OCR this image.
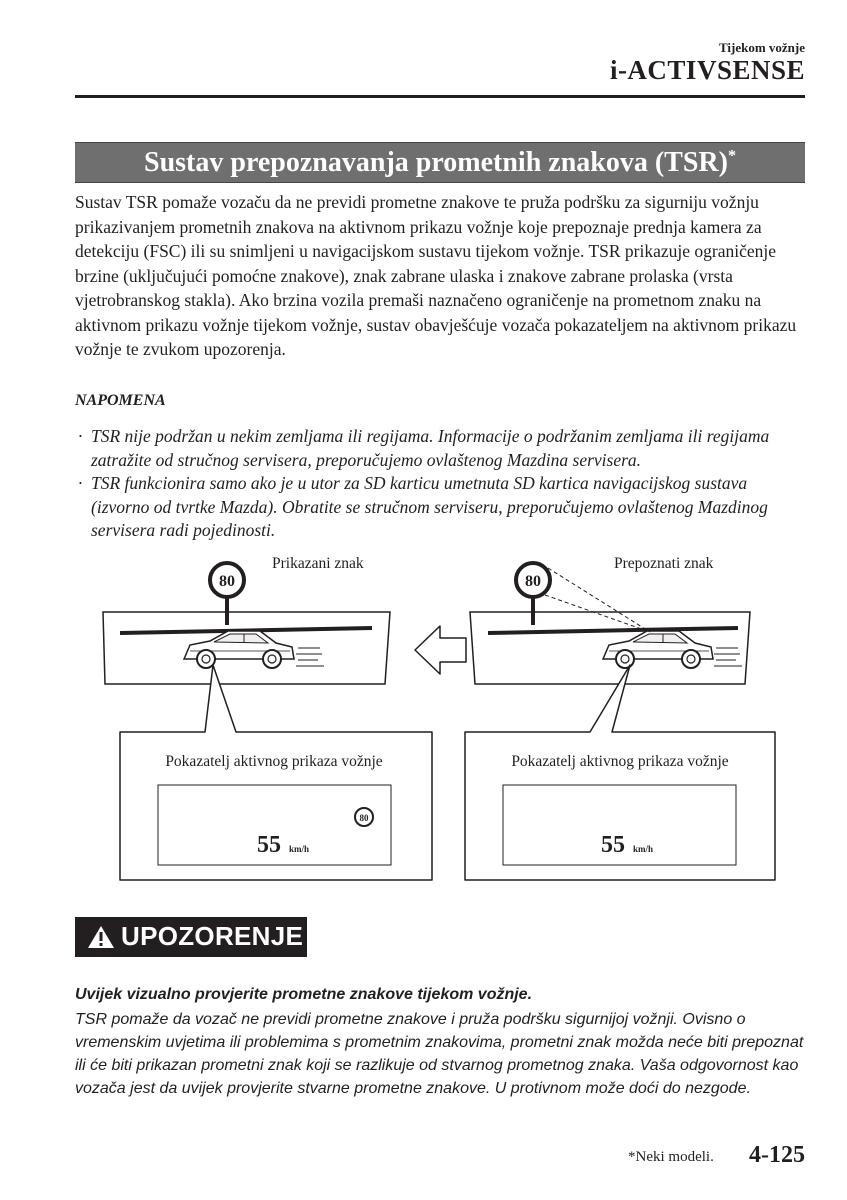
Tijekom vožnje
i-ACTIVSENSE
Sustav prepoznavanja prometnih znakova (TSR)*

Sustav TSR pomaže vozaču da ne previdi prometne znakove te pruža podršku za sigurniju vožnju prikazivanjem prometnih znakova na aktivnom prikazu vožnje koje prepoznaje prednja kamera za detekciju (FSC) ili su snimljeni u navigacijskom sustavu tijekom vožnje. TSR prikazuje ograničenje brzine (uključujući pomoćne znakove), znak zabrane ulaska i znakove zabrane prolaska (vrsta vjetrobranskog stakla). Ako brzina vozila premaši naznačeno ograničenje na prometnom znaku na aktivnom prikazu vožnje tijekom vožnje, sustav obavješćuje vozača pokazateljem na aktivnom prikazu vožnje te zvukom upozorenja.

NAPOMENA
· TSR nije podržan u nekim zemljama ili regijama. Informacije o podržanim zemljama ili regijama zatražite od stručnog servisera, preporučujemo ovlaštenog Mazdina servisera.
· TSR funkcionira samo ako je u utor za SD karticu umetnuta SD kartica navigacijskog sustava (izvorno od tvrtke Mazda). Obratite se stručnom serviseru, preporučujemo ovlaštenog Mazdinog servisera radi pojedinosti.
80
Prikazani znak
Pokazatelj aktivnog prikaza vožnje
80
55 km/h
80
Prepoznati znak
Pokazatelj aktivnog prikaza vožnje
55 km/h
UPOZORENJE
Uvijek vizualno provjerite prometne znakove tijekom vožnje.

TSR pomaže da vozač ne previdi prometne znakove i pruža podršku sigurnijoj vožnji. Ovisno o vremenskim uvjetima ili problemima s prometnim znakovima, prometni znak možda neće biti prepoznat ili će biti prikazan prometni znak koji se razlikuje od stvarnog prometnog znaka. Vaša odgovornost kao vozača jest da uvijek provjerite stvarne prometne znakove. U protivnom može doći do nezgode.

*Neki modeli. 4-125
